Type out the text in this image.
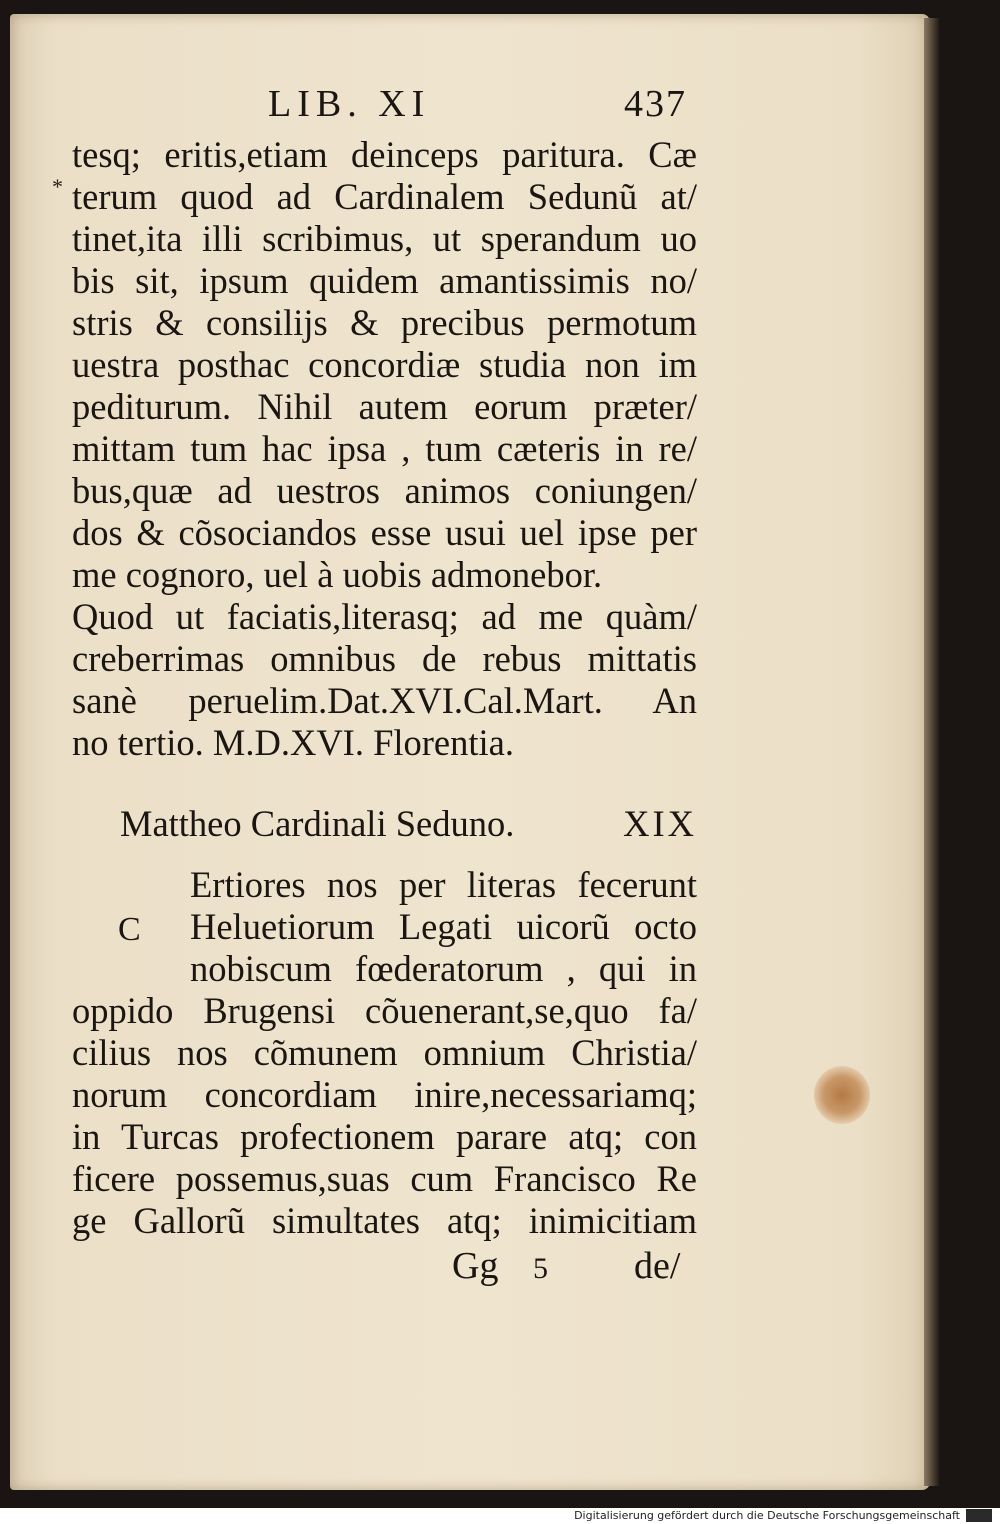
LIB. XI	437
*
tesq; eritis,etiam deinceps paritura. Cæ
terum quod ad Cardinalem Sedunũ at/
tinet,ita illi scribimus, ut sperandum uo
bis sit, ipsum quidem amantissimis no/
stris & consilijs & precibus permotum
uestra posthac concordiæ studia non im
pediturum. Nihil autem eorum præter/
mittam tum hac ipsa , tum cæteris in re/
bus,quæ ad uestros animos coniungen/
dos & cõsociandos esse usui uel ipse per
me cognoro, uel à uobis admonebor.
Quod ut faciatis,literasq; ad me quàm/
creberrimas omnibus de rebus mittatis
sanè peruelim.Dat.XVI.Cal.Mart. An
no tertio. M.D.XVI. Florentia.
Mattheo Cardinali Seduno.	XIX
C
Ertiores nos per literas fecerunt
Heluetiorum Legati uicorũ octo
nobiscum fœderatorum , qui in
oppido Brugensi cõuenerant,se,quo fa/
cilius nos cõmunem omnium Christia/
norum concordiam inire,necessariamq;
in Turcas profectionem parare atq; con
ficere possemus,suas cum Francisco Re
ge Gallorũ simultates atq; inimicitiam
Gg 5 de/
Digitalisierung gefördert durch die Deutsche Forschungsgemeinschaft
